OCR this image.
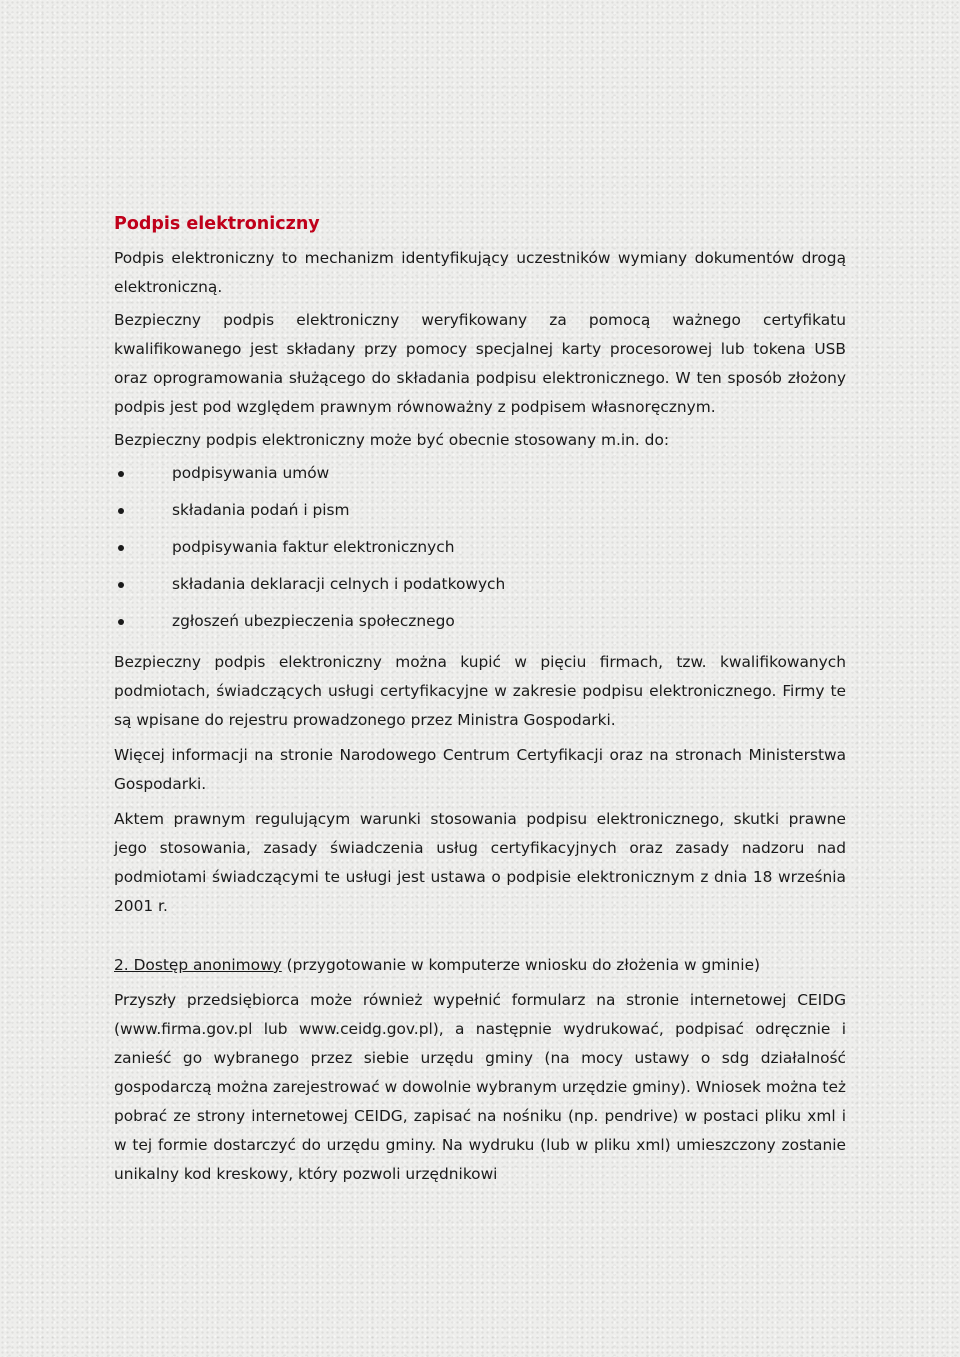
Podpis elektroniczny

Podpis elektroniczny to mechanizm identyfikujący uczestników wymiany dokumentów drogą elektroniczną.

Bezpieczny podpis elektroniczny weryfikowany za pomocą ważnego certyfikatu kwalifikowanego jest składany przy pomocy specjalnej karty procesorowej lub tokena USB oraz oprogramowania służącego do składania podpisu elektronicznego. W ten sposób złożony podpis jest pod względem prawnym równoważny z podpisem własnoręcznym.

Bezpieczny podpis elektroniczny może być obecnie stosowany m.in. do:

podpisywania umów
składania podań i pism
podpisywania faktur elektronicznych
składania deklaracji celnych i podatkowych
zgłoszeń ubezpieczenia społecznego

Bezpieczny podpis elektroniczny można kupić w pięciu firmach, tzw. kwalifikowanych podmiotach, świadczących usługi certyfikacyjne w zakresie podpisu elektronicznego. Firmy te są wpisane do rejestru prowadzonego przez Ministra Gospodarki.

Więcej informacji na stronie Narodowego Centrum Certyfikacji oraz na stronach Ministerstwa Gospodarki.

Aktem prawnym regulującym warunki stosowania podpisu elektronicznego, skutki prawne jego stosowania, zasady świadczenia usług certyfikacyjnych oraz zasady nadzoru nad podmiotami świadczącymi te usługi jest ustawa o podpisie elektronicznym z dnia 18 września 2001 r.

2. Dostęp anonimowy (przygotowanie w komputerze wniosku do złożenia w gminie)

Przyszły przedsiębiorca może również wypełnić formularz na stronie internetowej CEIDG (www.firma.gov.pl lub www.ceidg.gov.pl), a następnie wydrukować, podpisać odręcznie i zanieść go wybranego przez siebie urzędu gminy (na mocy ustawy o sdg działalność gospodarczą można zarejestrować w dowolnie wybranym urzędzie gminy). Wniosek można też pobrać ze strony internetowej CEIDG, zapisać na nośniku (np. pendrive) w postaci pliku xml i w tej formie dostarczyć do urzędu gminy. Na wydruku (lub w pliku xml) umieszczony zostanie unikalny kod kreskowy, który pozwoli urzędnikowi
